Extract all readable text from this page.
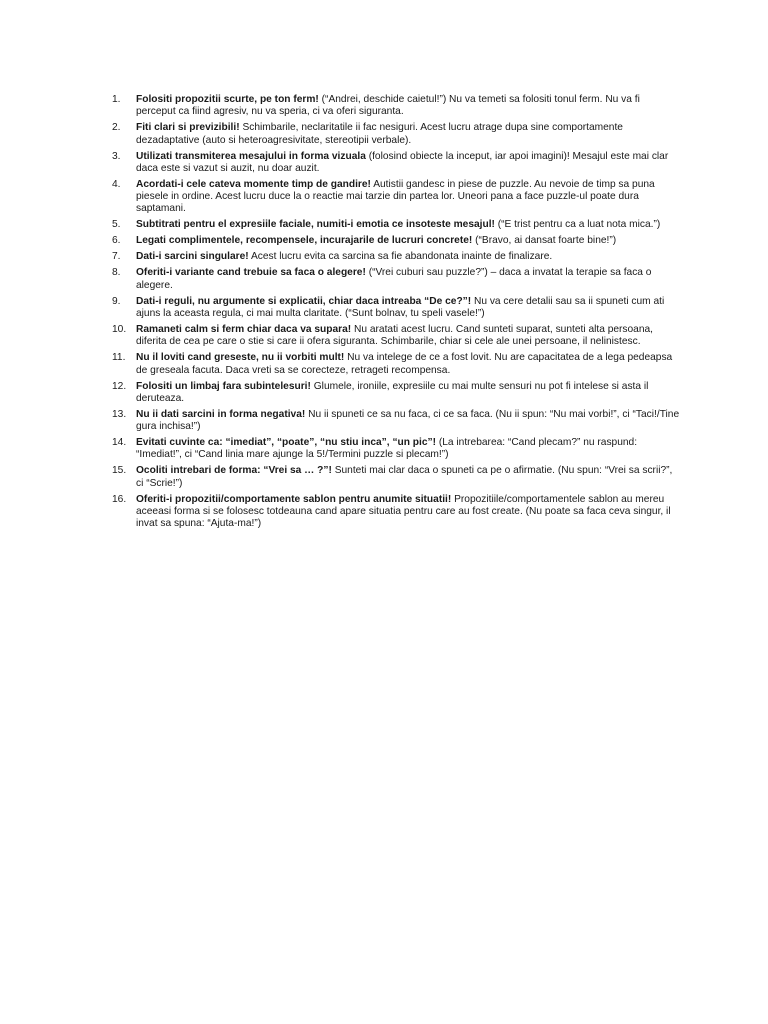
1. Folositi propozitii scurte, pe ton ferm! (“Andrei, deschide caietul!”) Nu va temeti sa folositi tonul ferm. Nu va fi perceput ca fiind agresiv, nu va speria, ci va oferi siguranta.
2. Fiti clari si previzibili! Schimbarile, neclaritatile ii fac nesiguri. Acest lucru atrage dupa sine comportamente dezadaptative (auto si heteroagresivitate, stereotipii verbale).
3. Utilizati transmiterea mesajului in forma vizuala (folosind obiecte la inceput, iar apoi imagini)! Mesajul este mai clar daca este si vazut si auzit, nu doar auzit.
4. Acordati-i cele cateva momente timp de gandire! Autistii gandesc in piese de puzzle. Au nevoie de timp sa puna piesele in ordine. Acest lucru duce la o reactie mai tarzie din partea lor. Uneori pana a face puzzle-ul poate dura saptamani.
5. Subtitrati pentru el expresiile faciale, numiti-i emotia ce insoteste mesajul! (“E trist pentru ca a luat nota mica.”)
6. Legati complimentele, recompensele, incurajarile de lucruri concrete! (“Bravo, ai dansat foarte bine!”)
7. Dati-i sarcini singulare! Acest lucru evita ca sarcina sa fie abandonata inainte de finalizare.
8. Oferiti-i variante cand trebuie sa faca o alegere! (“Vrei cuburi sau puzzle?”) – daca a invatat la terapie sa faca o alegere.
9. Dati-i reguli, nu argumente si explicatii, chiar daca intreaba “De ce?”! Nu va cere detalii sau sa ii spuneti cum ati ajuns la aceasta regula, ci mai multa claritate. (“Sunt bolnav, tu speli vasele!”)
10. Ramaneti calm si ferm chiar daca va supara! Nu aratati acest lucru. Cand sunteti suparat, sunteti alta persoana, diferita de cea pe care o stie si care ii ofera siguranta. Schimbarile, chiar si cele ale unei persoane, il nelinistesc.
11. Nu il loviti cand greseste, nu ii vorbiti mult! Nu va intelege de ce a fost lovit. Nu are capacitatea de a lega pedeapsa de greseala facuta. Daca vreti sa se corecteze, retrageti recompensa.
12. Folositi un limbaj fara subintelesuri! Glumele, ironiile, expresiile cu mai multe sensuri nu pot fi intelese si asta il deruteaza.
13. Nu ii dati sarcini in forma negativa! Nu ii spuneti ce sa nu faca, ci ce sa faca. (Nu ii spun: “Nu mai vorbi!”, ci “Taci!/Tine gura inchisa!”)
14. Evitati cuvinte ca: “imediat”, “poate”, “nu stiu inca”, “un pic”! (La intrebarea: “Cand plecam?” nu raspund: “Imediat!”, ci “Cand linia mare ajunge la 5!/Termini puzzle si plecam!”)
15. Ocoliti intrebari de forma: “Vrei sa … ?”! Sunteti mai clar daca o spuneti ca pe o afirmatie. (Nu spun: “Vrei sa scrii?”, ci “Scrie!”)
16. Oferiti-i propozitii/comportamente sablon pentru anumite situatii! Propozitiile/comportamentele sablon au mereu aceeasi forma si se folosesc totdeauna cand apare situatia pentru care au fost create. (Nu poate sa faca ceva singur, il invat sa spuna: “Ajuta-ma!”)
